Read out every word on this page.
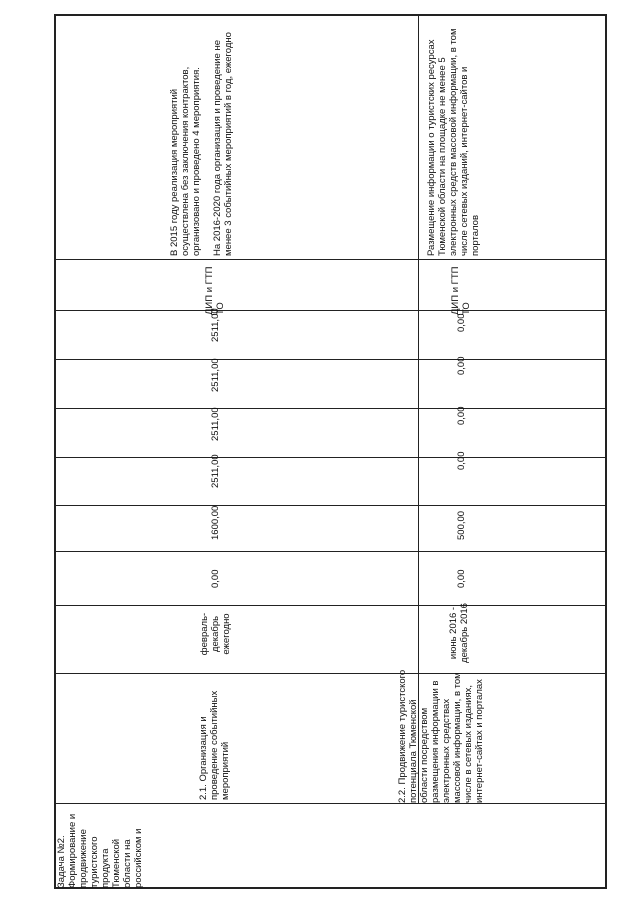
Задача №2. Формирование и продвижение туристского продукта Тюменской области на российском и
2.1. Организация и проведение событийных мероприятий
февраль-декабрь ежегодно
0,00
1600,00
2511,00
2511,00
2511,00
2511,00
ДИП и ГТП ТО
В 2015 году реализация мероприятий осуществлена без заключения контрактов, организовано и проведено 4 мероприятия.	На 2016-2020 года организация и проведение не менее 3 событийных мероприятий в год, ежегодно
2.2. Продвижение туристского потенциала Тюменской области посредством размещения информации в электронных средствах массовой информации, в том числе в сетевых изданиях, интернет-сайтах и порталах
июнь 2016 - декабрь 2016
0,00
500,00
0,00
0,00
0,00
0,00
ДИП и ГТП ТО
Размещение информации о туристских ресурсах Тюменской области на площадке не менее 5 электронных средств массовой информации, в том числе сетевых изданий, интернет-сайтов и порталов
